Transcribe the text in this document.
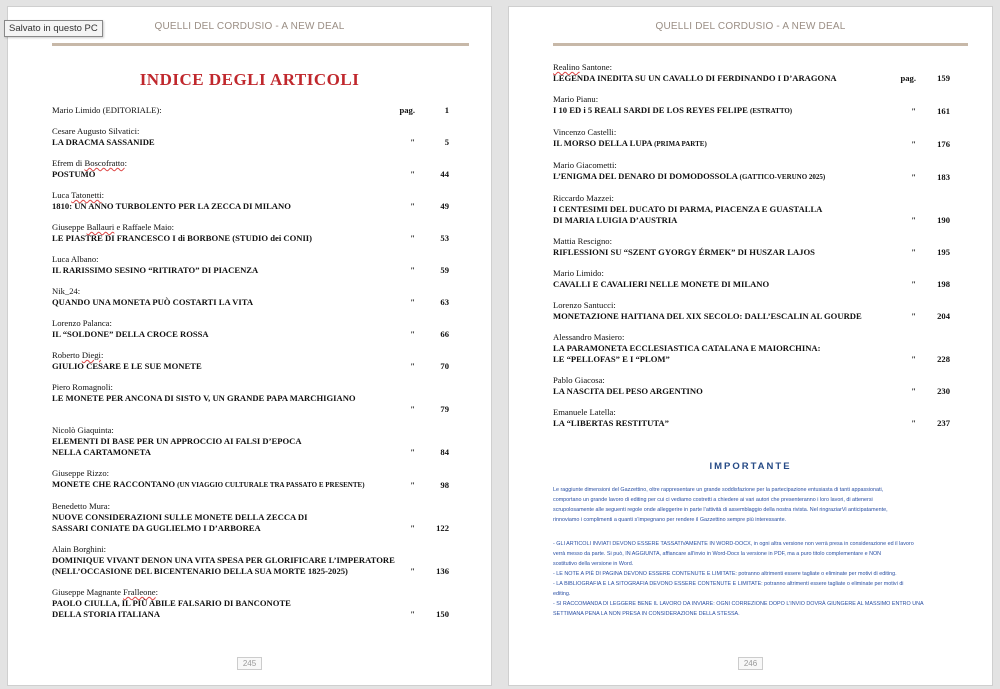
Salvato in questo PC	QUELLI DEL CORDUSIO - A NEW DEAL
INDICE DEGLI ARTICOLI
Mario Limido (EDITORIALE):	pag.	1
Cesare Augusto Silvatici:
LA DRACMA SASSANIDE	"	5
Efrem di Boscofratto:
POSTUMO	"	44
Luca Tatonetti:
1810: UN ANNO TURBOLENTO PER LA ZECCA DI MILANO	"	49
Giuseppe Ballauri e Raffaele Maio:
LE PIASTRE DI FRANCESCO I di BORBONE (STUDIO dei CONII)	"	53
Luca Albano:
IL RARISSIMO SESINO “RITIRATO” DI PIACENZA	"	59
Nik_24:
QUANDO UNA MONETA PUÒ COSTARTI LA VITA	"	63
Lorenzo Palanca:
IL “SOLDONE” DELLA CROCE ROSSA	"	66
Roberto Diegi:
GIULIO CESARE E LE SUE MONETE	"	70
Piero Romagnoli:
LE MONETE PER ANCONA DI SISTO V, UN GRANDE PAPA MARCHIGIANO
"	79
Nicolò Giaquinta:
ELEMENTI DI BASE PER UN APPROCCIO AI FALSI D’EPOCA
NELLA CARTAMONETA	"	84
Giuseppe Rizzo:
MONETE CHE RACCONTANO (UN VIAGGIO CULTURALE TRA PASSATO E PRESENTE)	"	98
Benedetto Mura:
NUOVE CONSIDERAZIONI SULLE MONETE DELLA ZECCA DI
SASSARI CONIATE DA GUGLIELMO I D’ARBOREA	"	122
Alain Borghini:
DOMINIQUE VIVANT DENON UNA VITA SPESA PER GLORIFICARE L’IMPERATORE
(NELL’OCCASIONE DEL BICENTENARIO DELLA SUA MORTE 1825-2025)	"	136
Giuseppe Magnante Fralleone:
PAOLO CIULLA, IL PIÙ ABILE FALSARIO DI BANCONOTE
DELLA STORIA ITALIANA	"	150
245
QUELLI DEL CORDUSIO - A NEW DEAL
Realino Santone:
LEGENDA INEDITA SU UN CAVALLO DI FERDINANDO I D’ARAGONA	pag.	159
Mario Pianu:
I 10 ED i 5 REALI SARDI DE LOS REYES FELIPE (ESTRATTO)	"	161
Vincenzo Castelli:
IL MORSO DELLA LUPA (PRIMA PARTE)	"	176
Mario Giacometti:
L’ENIGMA DEL DENARO DI DOMODOSSOLA (GATTICO-VERUNO 2025)	"	183
Riccardo Mazzei:
I CENTESIMI DEL DUCATO DI PARMA, PIACENZA E GUASTALLA
DI MARIA LUIGIA D’AUSTRIA	"	190
Mattia Rescigno:
RIFLESSIONI SU “SZENT GYORGY ÉRMEK” DI HUSZAR LAJOS	"	195
Mario Limido:
CAVALLI E CAVALIERI NELLE MONETE DI MILANO	"	198
Lorenzo Santucci:
MONETAZIONE HAITIANA DEL XIX SECOLO: DALL’ESCALIN AL GOURDE	"	204
Alessandro Masiero:
LA PARAMONETA ECCLESIASTICA CATALANA E MAIORCHINA:
LE “PELLOFAS” E I “PLOM”	"	228
Pablo Giacosa:
LA NASCITA DEL PESO ARGENTINO	"	230
Emanuele Latella:
LA “LIBERTAS RESTITUTA”	"	237
IMPORTANTE
Le raggiunte dimensioni del Gazzettino, oltre rappresentare un grande soddisfazione per la partecipazione entusiasta di tanti appassionati,
comportano un grande lavoro di editing per cui ci vediamo costretti a chiedere ai vari autori che presenteranno i loro lavori, di attenersi
scrupolosamente alle seguenti regole onde alleggerire in parte l’attività di assemblaggio della nostra rivista. Nel ringraziarVi anticipatamente,
rinnoviamo i complimenti a quanti s’impegnano per rendere il Gazzettino sempre più interessante.
- GLI ARTICOLI INVIATI DEVONO ESSERE TASSATIVAMENTE IN WORD-DOCX, in ogni altra versione non verrà presa in considerazione ed il lavoro
verrà messo da parte. Si può, IN AGGIUNTA, affiancare all’invio in Word-Docx la versione in PDF, ma a puro titolo complementare e NON
sostitutivo della versione in Word.
- LE NOTE A PIÈ DI PAGINA DEVONO ESSERE CONTENUTE E LIMITATE: potranno altrimenti essere tagliate o eliminate per motivi di editing.
- LA BIBLIOGRAFIA E LA SITOGRAFIA DEVONO ESSERE CONTENUTE E LIMITATE: potranno altrimenti essere tagliate o eliminate per motivi di
editing.
- SI RACCOMANDA DI LEGGERE BENE IL LAVORO DA INVIARE: OGNI CORREZIONE DOPO L’INVIO DOVRÀ GIUNGERE AL MASSIMO ENTRO UNA
SETTIMANA PENA LA NON PRESA IN CONSIDERAZIONE DELLA STESSA.
246
